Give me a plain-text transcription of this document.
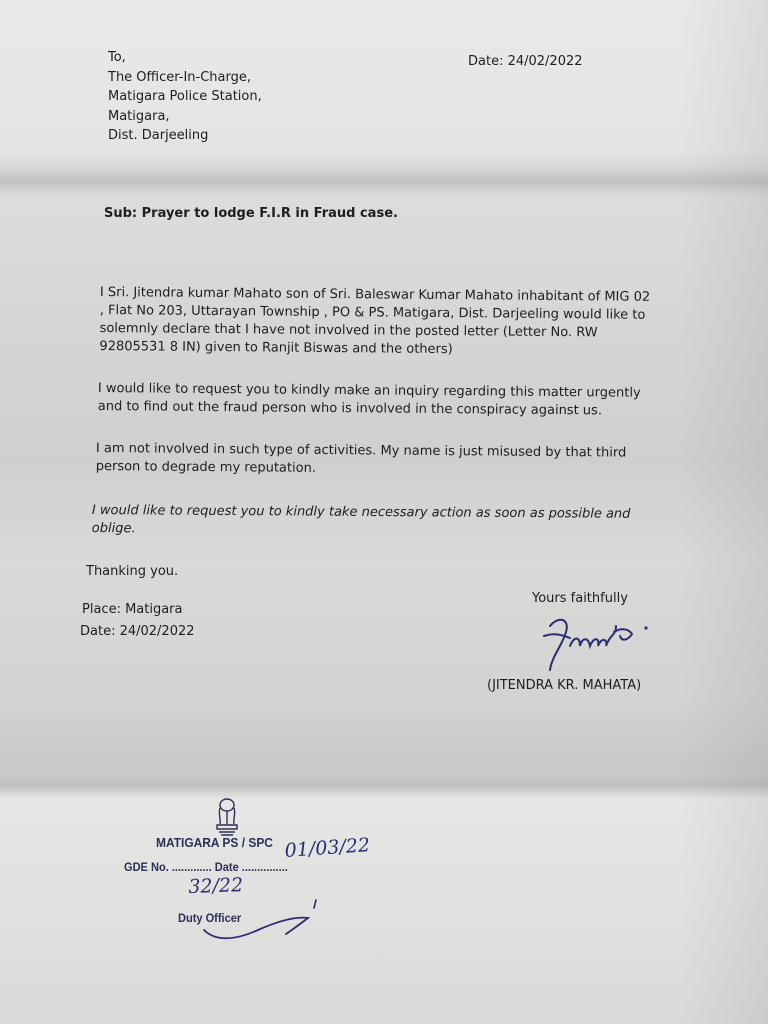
Date: 24/02/2022
To,
The Officer-In-Charge,
Matigara Police Station,
Matigara,
Dist. Darjeeling
Sub: Prayer to lodge F.I.R in Fraud case.
I Sri. Jitendra kumar Mahato son of Sri. Baleswar Kumar Mahato inhabitant of MIG 02
, Flat No 203, Uttarayan Township , PO & PS. Matigara, Dist. Darjeeling would like to
solemnly declare that I have not involved in the posted letter (Letter No. RW
92805531 8 IN) given to Ranjit Biswas and the others)
I would like to request you to kindly make an inquiry regarding this matter urgently
and to find out the fraud person who is involved in the conspiracy against us.
I am not involved in such type of activities. My name is just misused by that third
person to degrade my reputation.
I would like to request you to kindly take necessary action as soon as possible and
oblige.
Thanking you.
Place: Matigara
Date: 24/02/2022
Yours faithfully
(JITENDRA KR. MAHATA)
MATIGARA PS / SPC
GDE No. ............. Date ...............
Duty Officer
01/03/22
32/22
